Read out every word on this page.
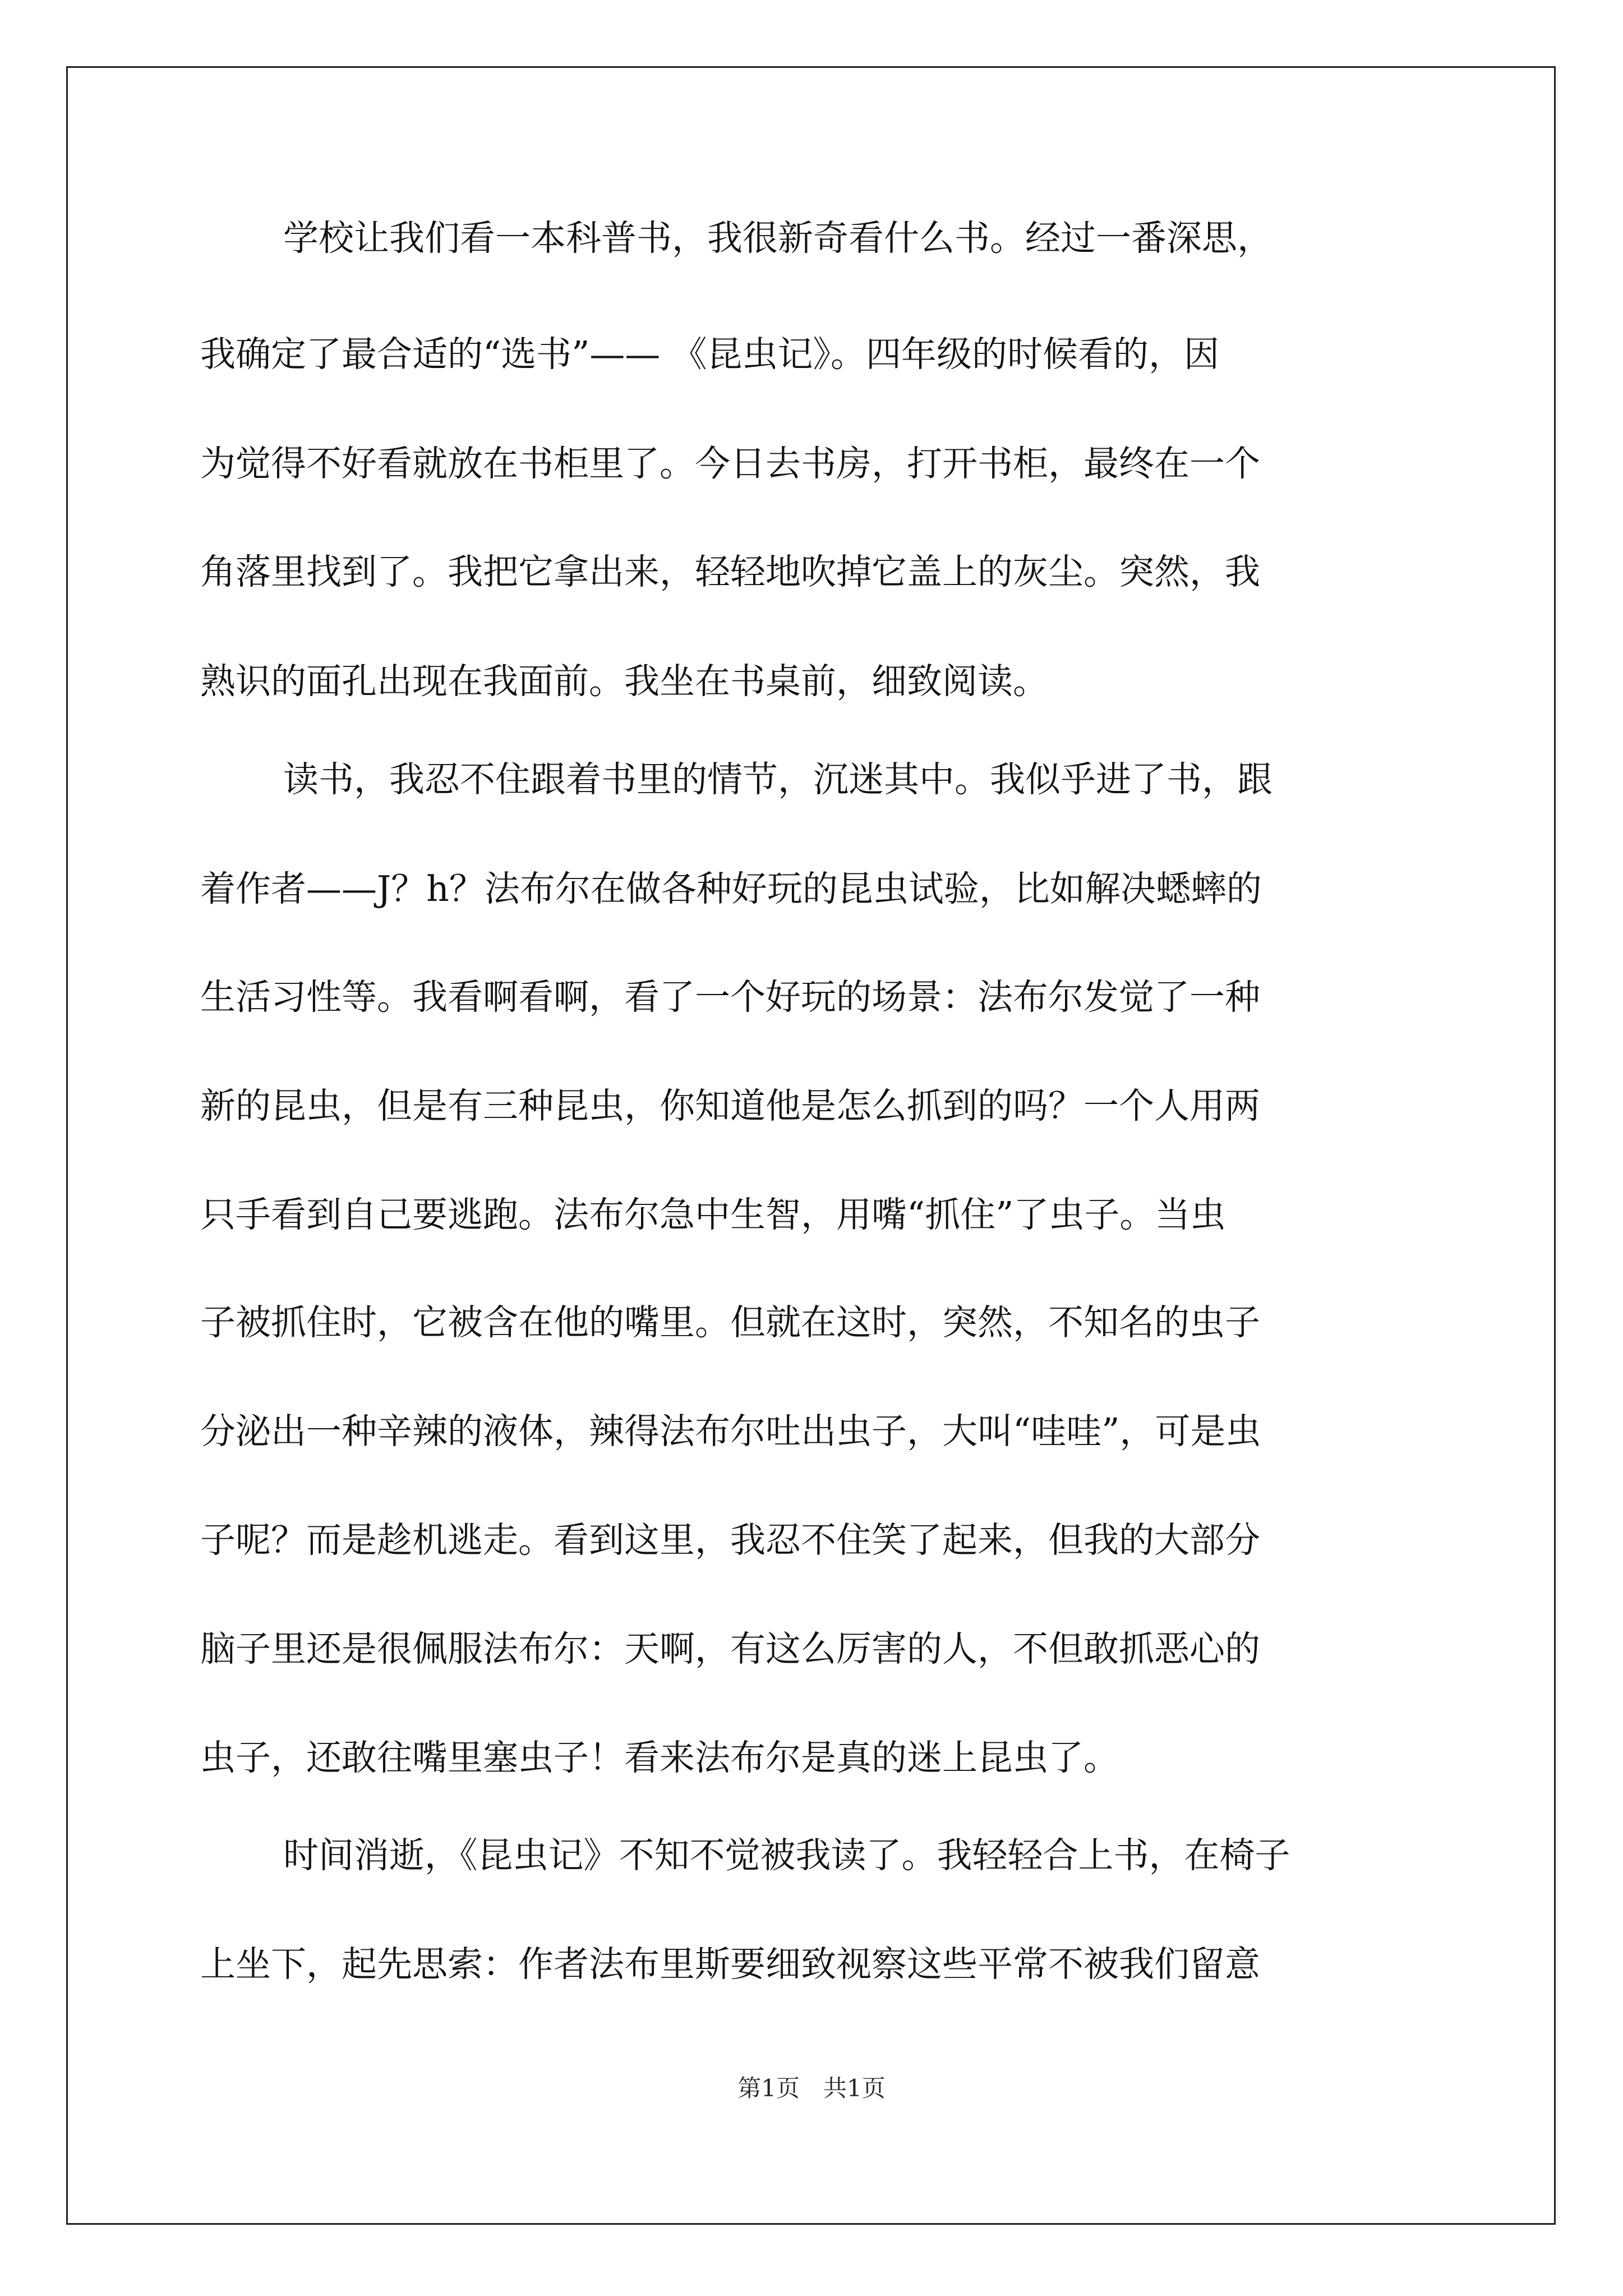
学校让我们看一本科普书，我很新奇看什么书。经过一番深思，
我确定了最合适的“选书”—— 《昆虫记》。四年级的时候看的，因
为觉得不好看就放在书柜里了。今日去书房，打开书柜，最终在一个
角落里找到了。我把它拿出来，轻轻地吹掉它盖上的灰尘。突然，我
熟识的面孔出现在我面前。我坐在书桌前，细致阅读。
读书，我忍不住跟着书里的情节，沉迷其中。我似乎进了书，跟
着作者——J？h？法布尔在做各种好玩的昆虫试验，比如解决蟋蟀的
生活习性等。我看啊看啊，看了一个好玩的场景：法布尔发觉了一种
新的昆虫，但是有三种昆虫，你知道他是怎么抓到的吗？一个人用两
只手看到自己要逃跑。法布尔急中生智，用嘴“抓住”了虫子。当虫
子被抓住时，它被含在他的嘴里。但就在这时，突然，不知名的虫子
分泌出一种辛辣的液体，辣得法布尔吐出虫子，大叫“哇哇”，可是虫
子呢？而是趁机逃走。看到这里，我忍不住笑了起来，但我的大部分
脑子里还是很佩服法布尔：天啊，有这么厉害的人，不但敢抓恶心的
虫子，还敢往嘴里塞虫子！看来法布尔是真的迷上昆虫了。
时间消逝，《昆虫记》不知不觉被我读了。我轻轻合上书，在椅子
上坐下，起先思索：作者法布里斯要细致视察这些平常不被我们留意
第1页　共1页
